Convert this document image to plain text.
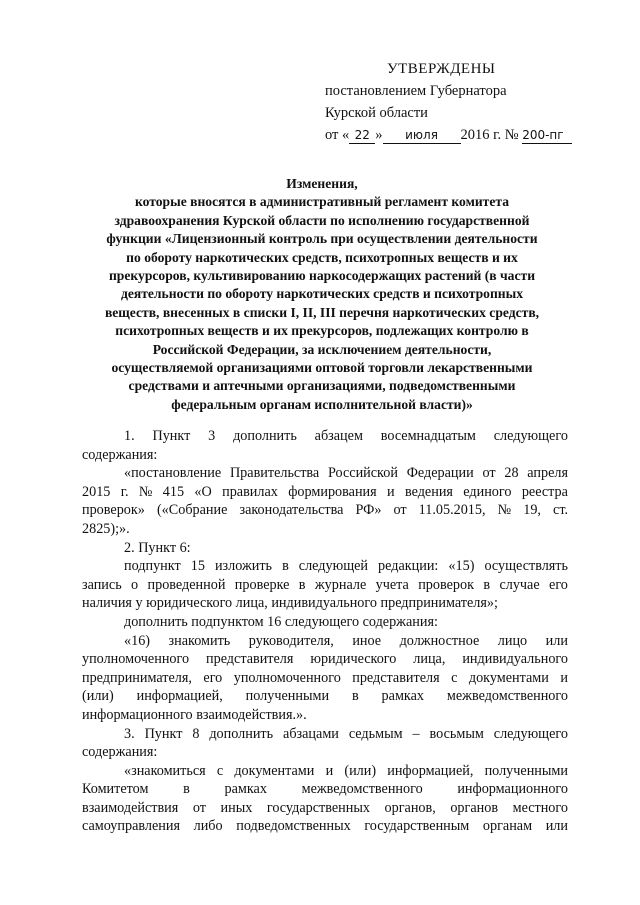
УТВЕРЖДЕНЫ
постановлением Губернатора
Курской области
от « 22 » июля 2016 г. № 200-пг
Изменения,
которые вносятся в административный регламент комитета
здравоохранения Курской области по исполнению государственной
функции «Лицензионный контроль при осуществлении деятельности
по обороту наркотических средств, психотропных веществ и их
прекурсоров, культивированию наркосодержащих растений (в части
деятельности по обороту наркотических средств и психотропных
веществ, внесенных в списки I, II, III перечня наркотических средств,
психотропных веществ и их прекурсоров, подлежащих контролю в
Российской Федерации, за исключением деятельности,
осуществляемой организациями оптовой торговли лекарственными
средствами и аптечными организациями, подведомственными
федеральным органам исполнительной власти)»
1. Пункт 3 дополнить абзацем восемнадцатым следующего
содержания:
«постановление Правительства Российской Федерации от 28 апреля
2015 г. № 415 «О правилах формирования и ведения единого реестра
проверок» («Собрание законодательства РФ» от 11.05.2015, № 19, ст.
2825);».
2. Пункт 6:
подпункт 15 изложить в следующей редакции: «15) осуществлять
запись о проведенной проверке в журнале учета проверок в случае его
наличия у юридического лица, индивидуального предпринимателя»;
дополнить подпунктом 16 следующего содержания:
«16) знакомить руководителя, иное должностное лицо или
уполномоченного представителя юридического лица, индивидуального
предпринимателя, его уполномоченного представителя с документами и
(или) информацией, полученными в рамках межведомственного
информационного взаимодействия.».
3. Пункт 8 дополнить абзацами седьмым – восьмым следующего
содержания:
«знакомиться с документами и (или) информацией, полученными
Комитетом в рамках межведомственного информационного
взаимодействия от иных государственных органов, органов местного
самоуправления либо подведомственных государственным органам или
